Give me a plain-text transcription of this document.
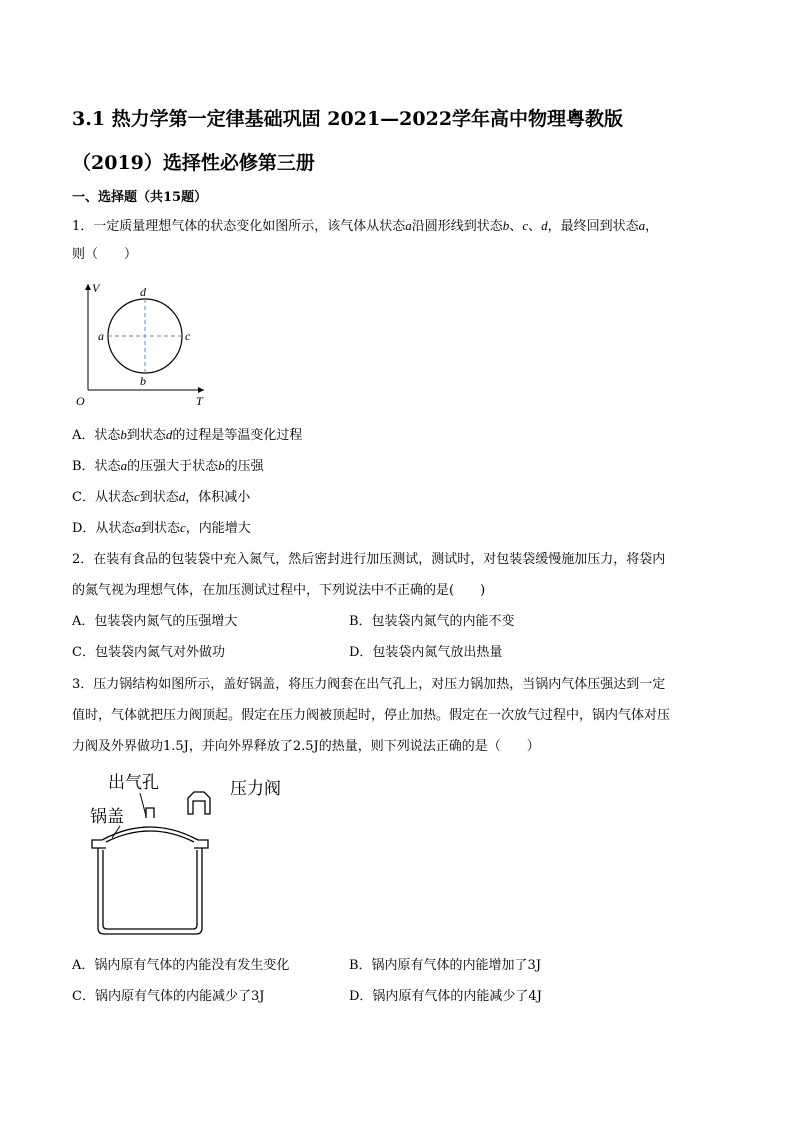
3.1 热力学第一定律基础巩固 2021—2022学年高中物理粤教版
（2019）选择性必修第三册
一、选择题（共15题）
1．一定质量理想气体的状态变化如图所示，该气体从状态a沿圆形线到状态b、c、d，最终回到状态a，
则（　　）
V
T
O
a	c
d
b
A．状态b到状态d的过程是等温变化过程
B．状态a的压强大于状态b的压强
C．从状态c到状态d，体积减小
D．从状态a到状态c，内能增大
2．在装有食品的包装袋中充入氮气，然后密封进行加压测试，测试时，对包装袋缓慢施加压力，将袋内
的氮气视为理想气体，在加压测试过程中，下列说法中不正确的是(　　)
A．包装袋内氮气的压强增大	B．包装袋内氮气的内能不变
C．包装袋内氮气对外做功	D．包装袋内氮气放出热量
3．压力锅结构如图所示，盖好锅盖，将压力阀套在出气孔上，对压力锅加热，当锅内气体压强达到一定
值时，气体就把压力阀顶起。假定在压力阀被顶起时，停止加热。假定在一次放气过程中，锅内气体对压
力阀及外界做功1.5J，并向外界释放了2.5J的热量，则下列说法正确的是（　　）
出气孔	压力阀
锅盖
A．锅内原有气体的内能没有发生变化	B．锅内原有气体的内能增加了3J
C．锅内原有气体的内能减少了3J	D．锅内原有气体的内能减少了4J
